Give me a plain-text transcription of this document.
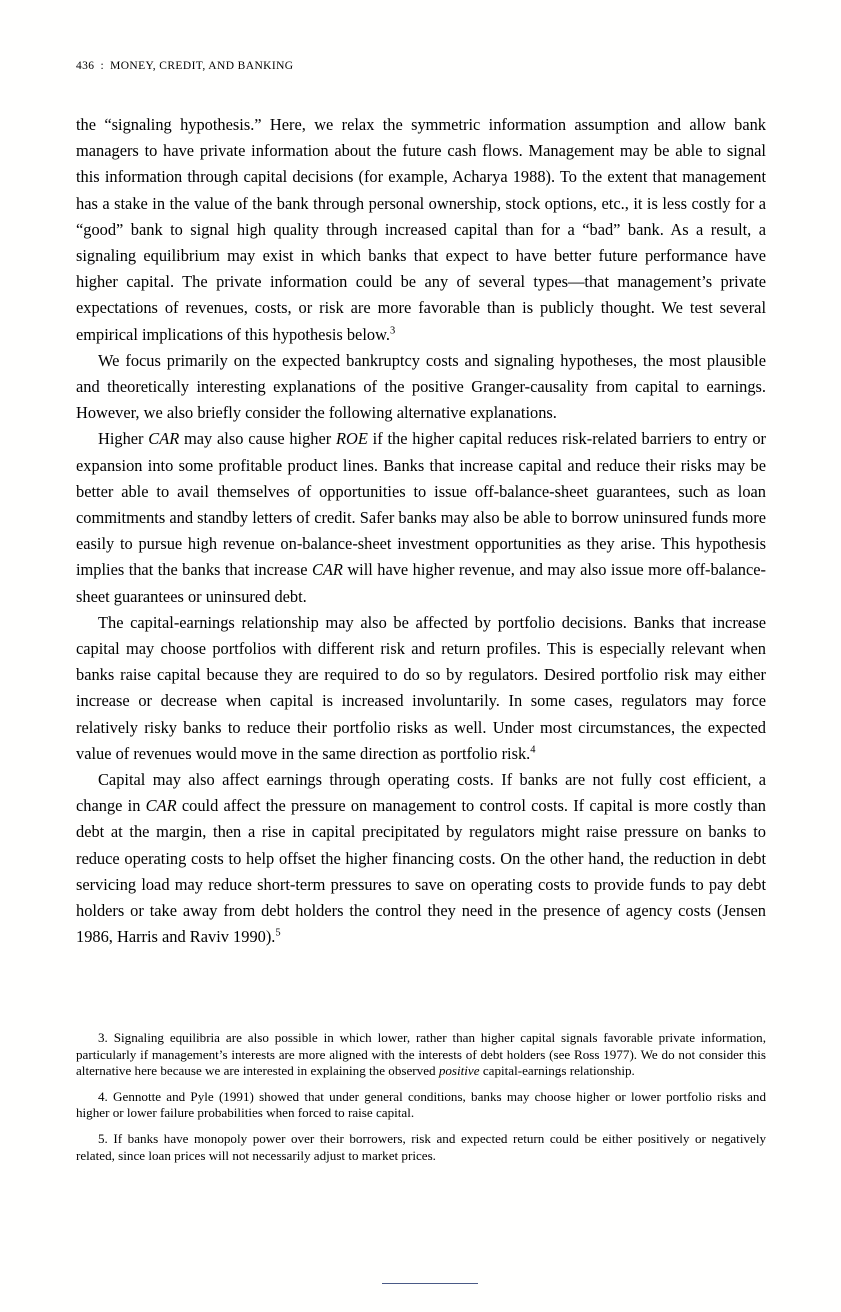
436 : MONEY, CREDIT, AND BANKING

the “signaling hypothesis.” Here, we relax the symmetric information assumption and allow bank managers to have private information about the future cash flows. Management may be able to signal this information through capital decisions (for example, Acharya 1988). To the extent that management has a stake in the value of the bank through personal ownership, stock options, etc., it is less costly for a “good” bank to signal high quality through increased capital than for a “bad” bank. As a result, a signaling equilibrium may exist in which banks that expect to have better future performance have higher capital. The private information could be any of several types—that management’s private expectations of revenues, costs, or risk are more favorable than is publicly thought. We test several empirical implications of this hypothesis below.$^3$

We focus primarily on the expected bankruptcy costs and signaling hypotheses, the most plausible and theoretically interesting explanations of the positive Granger-causality from capital to earnings. However, we also briefly consider the following alternative explanations.

Higher CAR may also cause higher ROE if the higher capital reduces risk-related barriers to entry or expansion into some profitable product lines. Banks that increase capital and reduce their risks may be better able to avail themselves of opportunities to issue off-balance-sheet guarantees, such as loan commitments and standby letters of credit. Safer banks may also be able to borrow uninsured funds more easily to pursue high revenue on-balance-sheet investment opportunities as they arise. This hypothesis implies that the banks that increase CAR will have higher revenue, and may also issue more off-balance-sheet guarantees or uninsured debt.

The capital-earnings relationship may also be affected by portfolio decisions. Banks that increase capital may choose portfolios with different risk and return profiles. This is especially relevant when banks raise capital because they are required to do so by regulators. Desired portfolio risk may either increase or decrease when capital is increased involuntarily. In some cases, regulators may force relatively risky banks to reduce their portfolio risks as well. Under most circumstances, the expected value of revenues would move in the same direction as portfolio risk.$^4$

Capital may also affect earnings through operating costs. If banks are not fully cost efficient, a change in CAR could affect the pressure on management to control costs. If capital is more costly than debt at the margin, then a rise in capital precipitated by regulators might raise pressure on banks to reduce operating costs to help offset the higher financing costs. On the other hand, the reduction in debt servicing load may reduce short-term pressures to save on operating costs to provide funds to pay debt holders or take away from debt holders the control they need in the presence of agency costs (Jensen 1986, Harris and Raviv 1990).$^5$

3. Signaling equilibria are also possible in which lower, rather than higher capital signals favorable private information, particularly if management’s interests are more aligned with the interests of debt holders (see Ross 1977). We do not consider this alternative here because we are interested in explaining the observed positive capital-earnings relationship.

4. Gennotte and Pyle (1991) showed that under general conditions, banks may choose higher or lower portfolio risks and higher or lower failure probabilities when forced to raise capital.

5. If banks have monopoly power over their borrowers, risk and expected return could be either positively or negatively related, since loan prices will not necessarily adjust to market prices.
